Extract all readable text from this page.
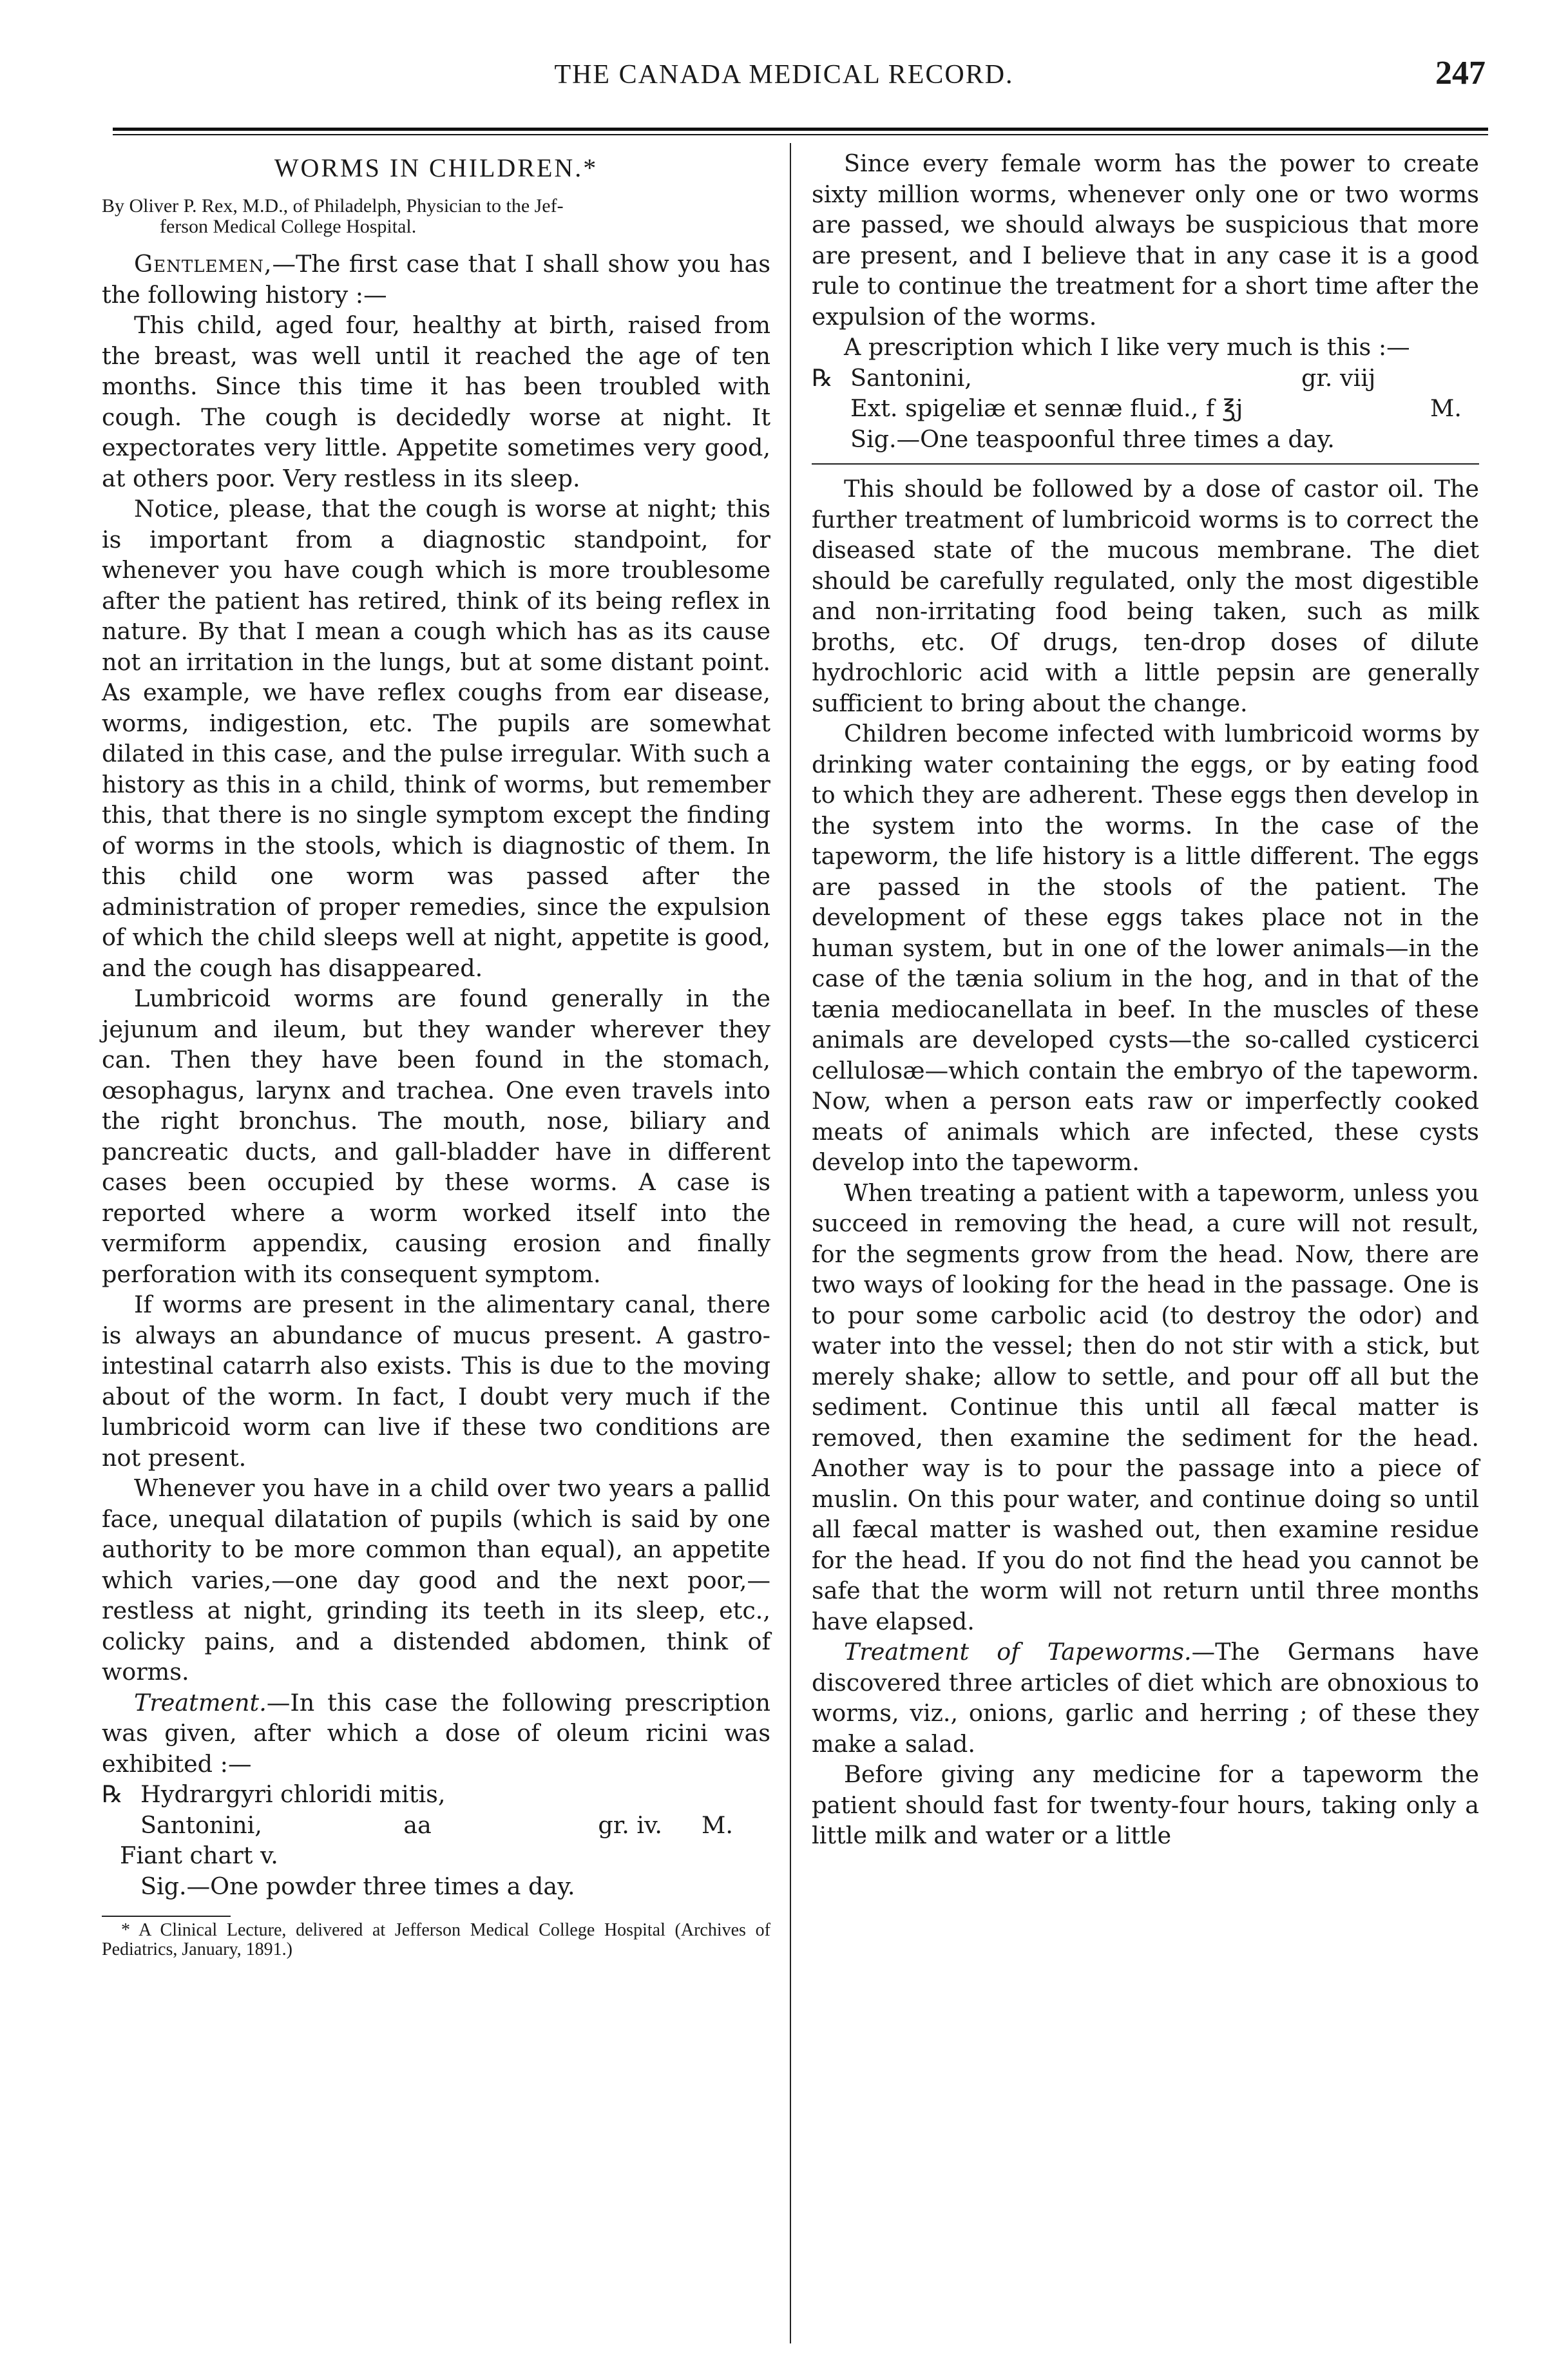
THE CANADA MEDICAL RECORD.	247
WORMS IN CHILDREN.*
By Oliver P. Rex, M.D., of Philadelph, Physician to the Jef-
ferson Medical College Hospital.

Gentlemen,—The first case that I shall show you has the following history :—

This child, aged four, healthy at birth, raised from the breast, was well until it reached the age of ten months. Since this time it has been troubled with cough. The cough is decidedly worse at night. It expectorates very little. Appetite sometimes very good, at others poor. Very restless in its sleep.

Notice, please, that the cough is worse at night; this is important from a diagnostic standpoint, for whenever you have cough which is more troublesome after the patient has retired, think of its being reflex in nature. By that I mean a cough which has as its cause not an irritation in the lungs, but at some distant point. As example, we have reflex coughs from ear disease, worms, indigestion, etc. The pupils are somewhat dilated in this case, and the pulse irregular. With such a history as this in a child, think of worms, but remember this, that there is no single symptom except the finding of worms in the stools, which is diagnostic of them. In this child one worm was passed after the administration of proper remedies, since the expulsion of which the child sleeps well at night, appetite is good, and the cough has disappeared.

Lumbricoid worms are found generally in the jejunum and ileum, but they wander wherever they can. Then they have been found in the stomach, œsophagus, larynx and trachea. One even travels into the right bronchus. The mouth, nose, biliary and pancreatic ducts, and gall-bladder have in different cases been occupied by these worms. A case is reported where a worm worked itself into the vermiform appendix, causing erosion and finally perforation with its consequent symptom.

If worms are present in the alimentary canal, there is always an abundance of mucus present. A gastro-intestinal catarrh also exists. This is due to the moving about of the worm. In fact, I doubt very much if the lumbricoid worm can live if these two conditions are not present.

Whenever you have in a child over two years a pallid face, unequal dilatation of pupils (which is said by one authority to be more common than equal), an appetite which varies,—one day good and the next poor,—restless at night, grinding its teeth in its sleep, etc., colicky pains, and a distended abdomen, think of worms.

Treatment.—In this case the following prescription was given, after which a dose of oleum ricini was exhibited :—

℞ Hydrargyri chloridi mitis,
Santonini,	aa	gr. iv.	M.
Fiant chart v.
Sig.—One powder three times a day.
* A Clinical Lecture, delivered at Jefferson Medical College Hospital (Archives of Pediatrics, January, 1891.)

Since every female worm has the power to create sixty million worms, whenever only one or two worms are passed, we should always be suspicious that more are present, and I believe that in any case it is a good rule to continue the treatment for a short time after the expulsion of the worms.

A prescription which I like very much is this :—

℞ Santonini,	gr. viij
Ext. spigeliæ et sennæ fluid., f ℥j	M.
Sig.—One teaspoonful three times a day.

This should be followed by a dose of castor oil. The further treatment of lumbricoid worms is to correct the diseased state of the mucous membrane. The diet should be carefully regulated, only the most digestible and non-irritating food being taken, such as milk broths, etc. Of drugs, ten-drop doses of dilute hydrochloric acid with a little pepsin are generally sufficient to bring about the change.

Children become infected with lumbricoid worms by drinking water containing the eggs, or by eating food to which they are adherent. These eggs then develop in the system into the worms. In the case of the tapeworm, the life history is a little different. The eggs are passed in the stools of the patient. The development of these eggs takes place not in the human system, but in one of the lower animals—in the case of the tænia solium in the hog, and in that of the tænia mediocanellata in beef. In the muscles of these animals are developed cysts—the so-called cysticerci cellulosæ—which contain the embryo of the tapeworm. Now, when a person eats raw or imperfectly cooked meats of animals which are infected, these cysts develop into the tapeworm.

When treating a patient with a tapeworm, unless you succeed in removing the head, a cure will not result, for the segments grow from the head. Now, there are two ways of looking for the head in the passage. One is to pour some carbolic acid (to destroy the odor) and water into the vessel; then do not stir with a stick, but merely shake; allow to settle, and pour off all but the sediment. Continue this until all fæcal matter is removed, then examine the sediment for the head. Another way is to pour the passage into a piece of muslin. On this pour water, and continue doing so until all fæcal matter is washed out, then examine residue for the head. If you do not find the head you cannot be safe that the worm will not return until three months have elapsed.

Treatment of Tapeworms.—The Germans have discovered three articles of diet which are obnoxious to worms, viz., onions, garlic and herring ; of these they make a salad.

Before giving any medicine for a tapeworm the patient should fast for twenty-four hours, taking only a little milk and water or a little
